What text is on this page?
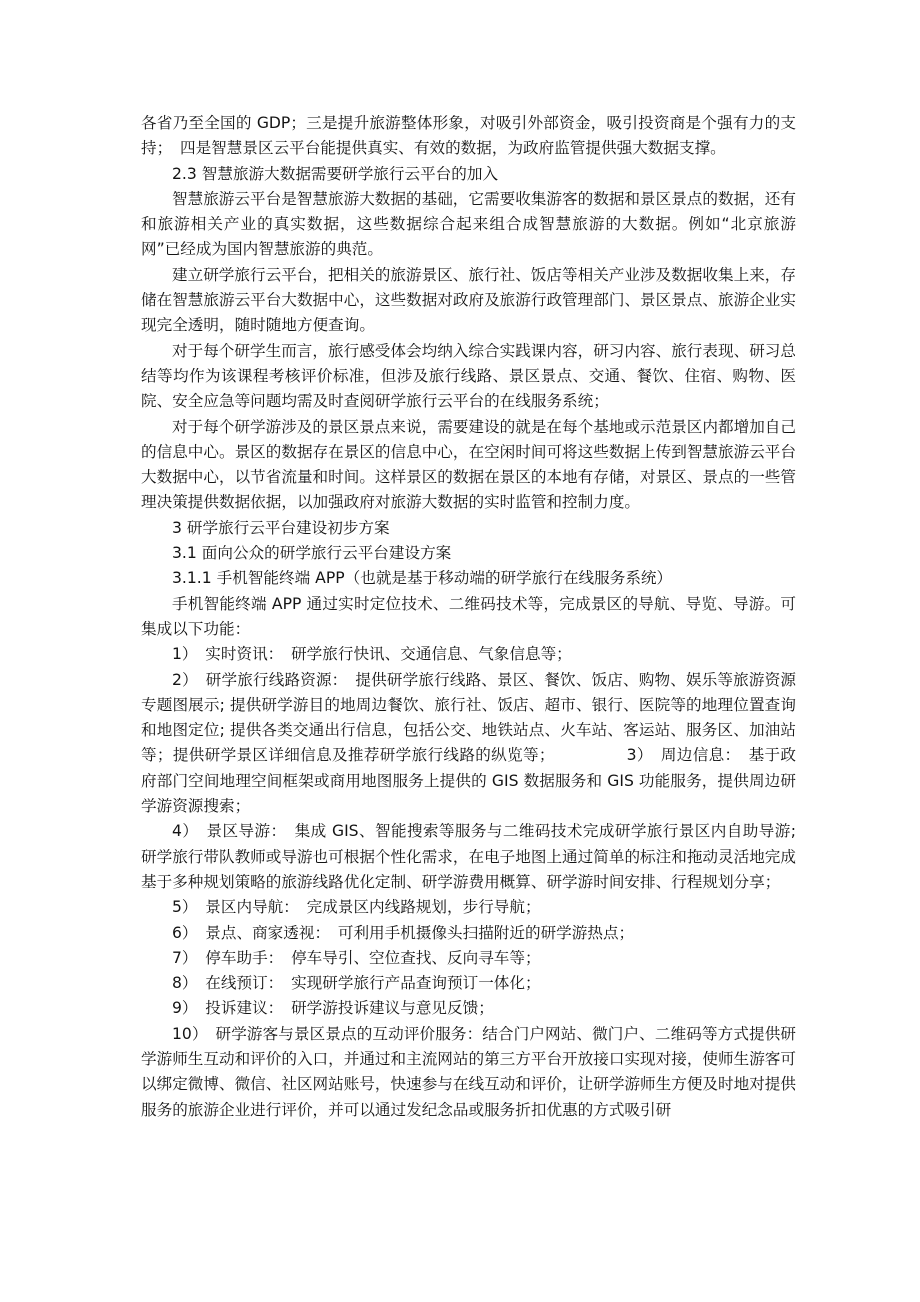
各省乃至全国的 GDP；三是提升旅游整体形象，对吸引外部资金，吸引投资商是个强有力的支持；　四是智慧景区云平台能提供真实、有效的数据，为政府监管提供强大数据支撑。

2.3 智慧旅游大数据需要研学旅行云平台的加入

智慧旅游云平台是智慧旅游大数据的基础，它需要收集游客的数据和景区景点的数据，还有和旅游相关产业的真实数据，这些数据综合起来组合成智慧旅游的大数据。例如“北京旅游网”已经成为国内智慧旅游的典范。

建立研学旅行云平台，把相关的旅游景区、旅行社、饭店等相关产业涉及数据收集上来，存储在智慧旅游云平台大数据中心，这些数据对政府及旅游行政管理部门、景区景点、旅游企业实现完全透明，随时随地方便查询。

对于每个研学生而言，旅行感受体会均纳入综合实践课内容，研习内容、旅行表现、研习总结等均作为该课程考核评价标准，但涉及旅行线路、景区景点、交通、餐饮、住宿、购物、医院、安全应急等问题均需及时查阅研学旅行云平台的在线服务系统；

对于每个研学游涉及的景区景点来说，需要建设的就是在每个基地或示范景区内都增加自己的信息中心。景区的数据存在景区的信息中心，在空闲时间可将这些数据上传到智慧旅游云平台大数据中心，以节省流量和时间。这样景区的数据在景区的本地有存储，对景区、景点的一些管理决策提供数据依据，以加强政府对旅游大数据的实时监管和控制力度。

3 研学旅行云平台建设初步方案

3.1 面向公众的研学旅行云平台建设方案

3.1.1 手机智能终端 APP（也就是基于移动端的研学旅行在线服务系统）

手机智能终端 APP 通过实时定位技术、二维码技术等，完成景区的导航、导览、导游。可集成以下功能：

1）　实时资讯：　研学旅行快讯、交通信息、气象信息等；

2）　研学旅行线路资源：　提供研学旅行线路、景区、餐饮、饭店、购物、娱乐等旅游资源专题图展示; 提供研学游目的地周边餐饮、旅行社、饭店、超市、银行、医院等的地理位置查询和地图定位; 提供各类交通出行信息，包括公交、地铁站点、火车站、客运站、服务区、加油站等；提供研学景区详细信息及推荐研学旅行线路的纵览等；　　　　　3）　周边信息：　基于政府部门空间地理空间框架或商用地图服务上提供的 GIS 数据服务和 GIS 功能服务，提供周边研学游资源搜索；

4）　景区导游：　集成 GIS、智能搜索等服务与二维码技术完成研学旅行景区内自助导游; 研学旅行带队教师或导游也可根据个性化需求，在电子地图上通过简单的标注和拖动灵活地完成基于多种规划策略的旅游线路优化定制、研学游费用概算、研学游时间安排、行程规划分享；

5）　景区内导航：　完成景区内线路规划，步行导航；

6）　景点、商家透视：　可利用手机摄像头扫描附近的研学游热点；

7）　停车助手：　停车导引、空位查找、反向寻车等；

8）　在线预订：　实现研学旅行产品查询预订一体化；

9）　投诉建议：　研学游投诉建议与意见反馈；

10）　研学游客与景区景点的互动评价服务：结合门户网站、微门户、二维码等方式提供研学游师生互动和评价的入口，并通过和主流网站的第三方平台开放接口实现对接，使师生游客可以绑定微博、微信、社区网站账号，快速参与在线互动和评价，让研学游师生方便及时地对提供服务的旅游企业进行评价，并可以通过发纪念品或服务折扣优惠的方式吸引研
